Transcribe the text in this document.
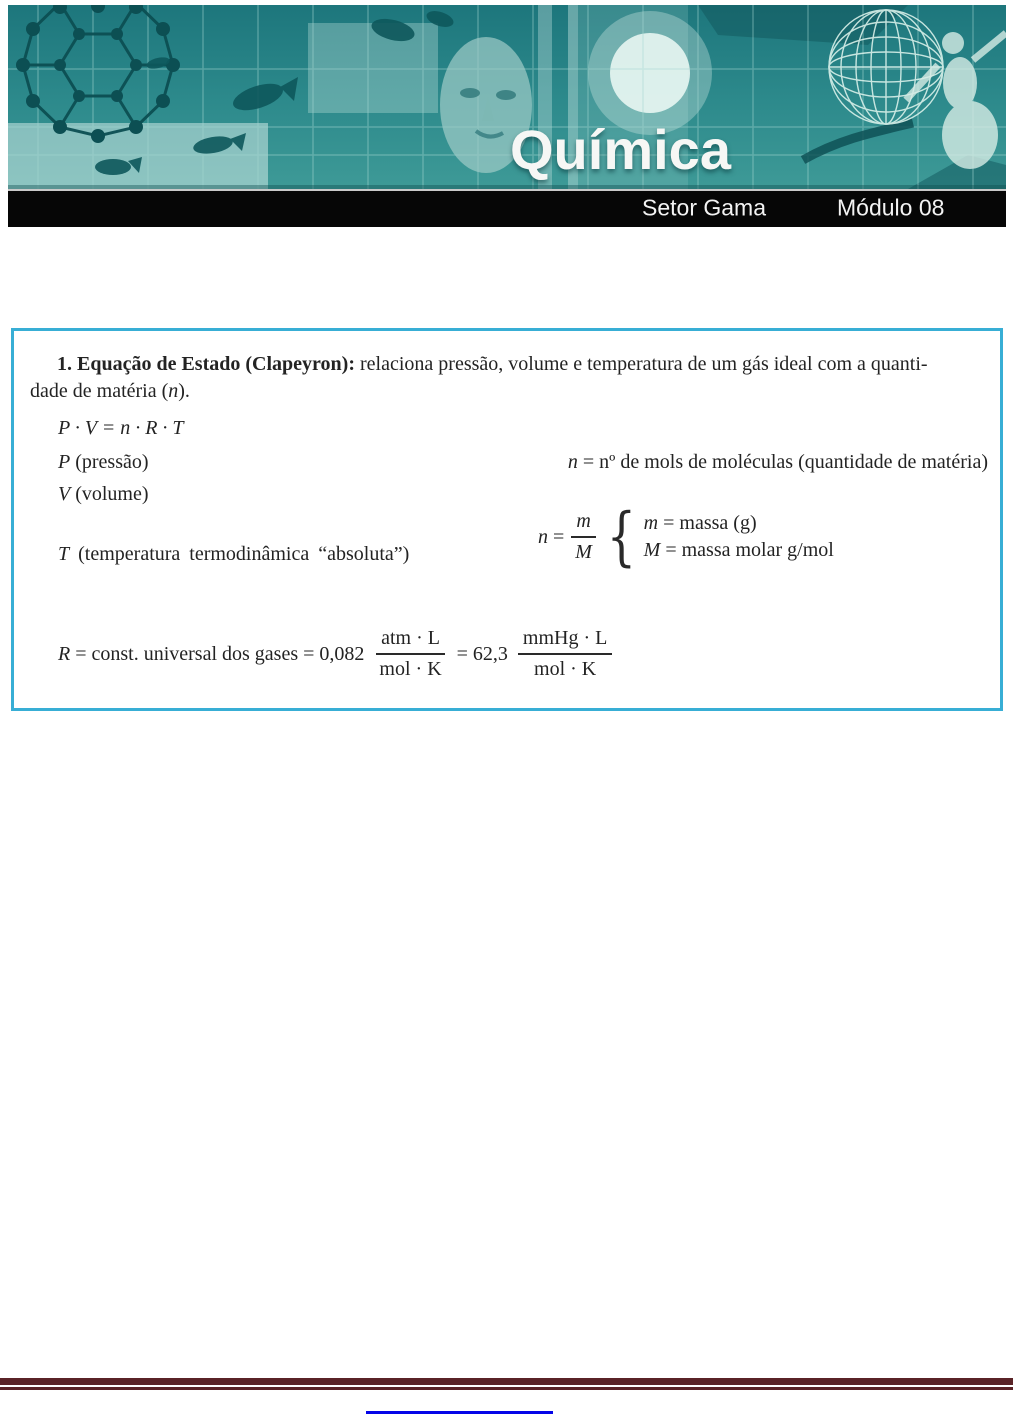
Química
Setor Gama	Módulo 08

1. Equação de Estado (Clapeyron): relaciona pressão, volume e temperatura de um gás ideal com a quanti-
dade de matéria (n).

P · V = n · R · T
P (pressão)	n = nº de mols de moléculas (quantidade de matéria)
V (volume)
T (temperatura termodinâmica “absoluta”)
$n = \frac{m}{M}$ { m = massa (g)
M = massa molar g/mol
R = const. universal dos gases = $0,082 \frac{\text{atm · L}}{\text{mol · K}} = 62,3 \frac{\text{mmHg · L}}{\text{mol · K}}$
